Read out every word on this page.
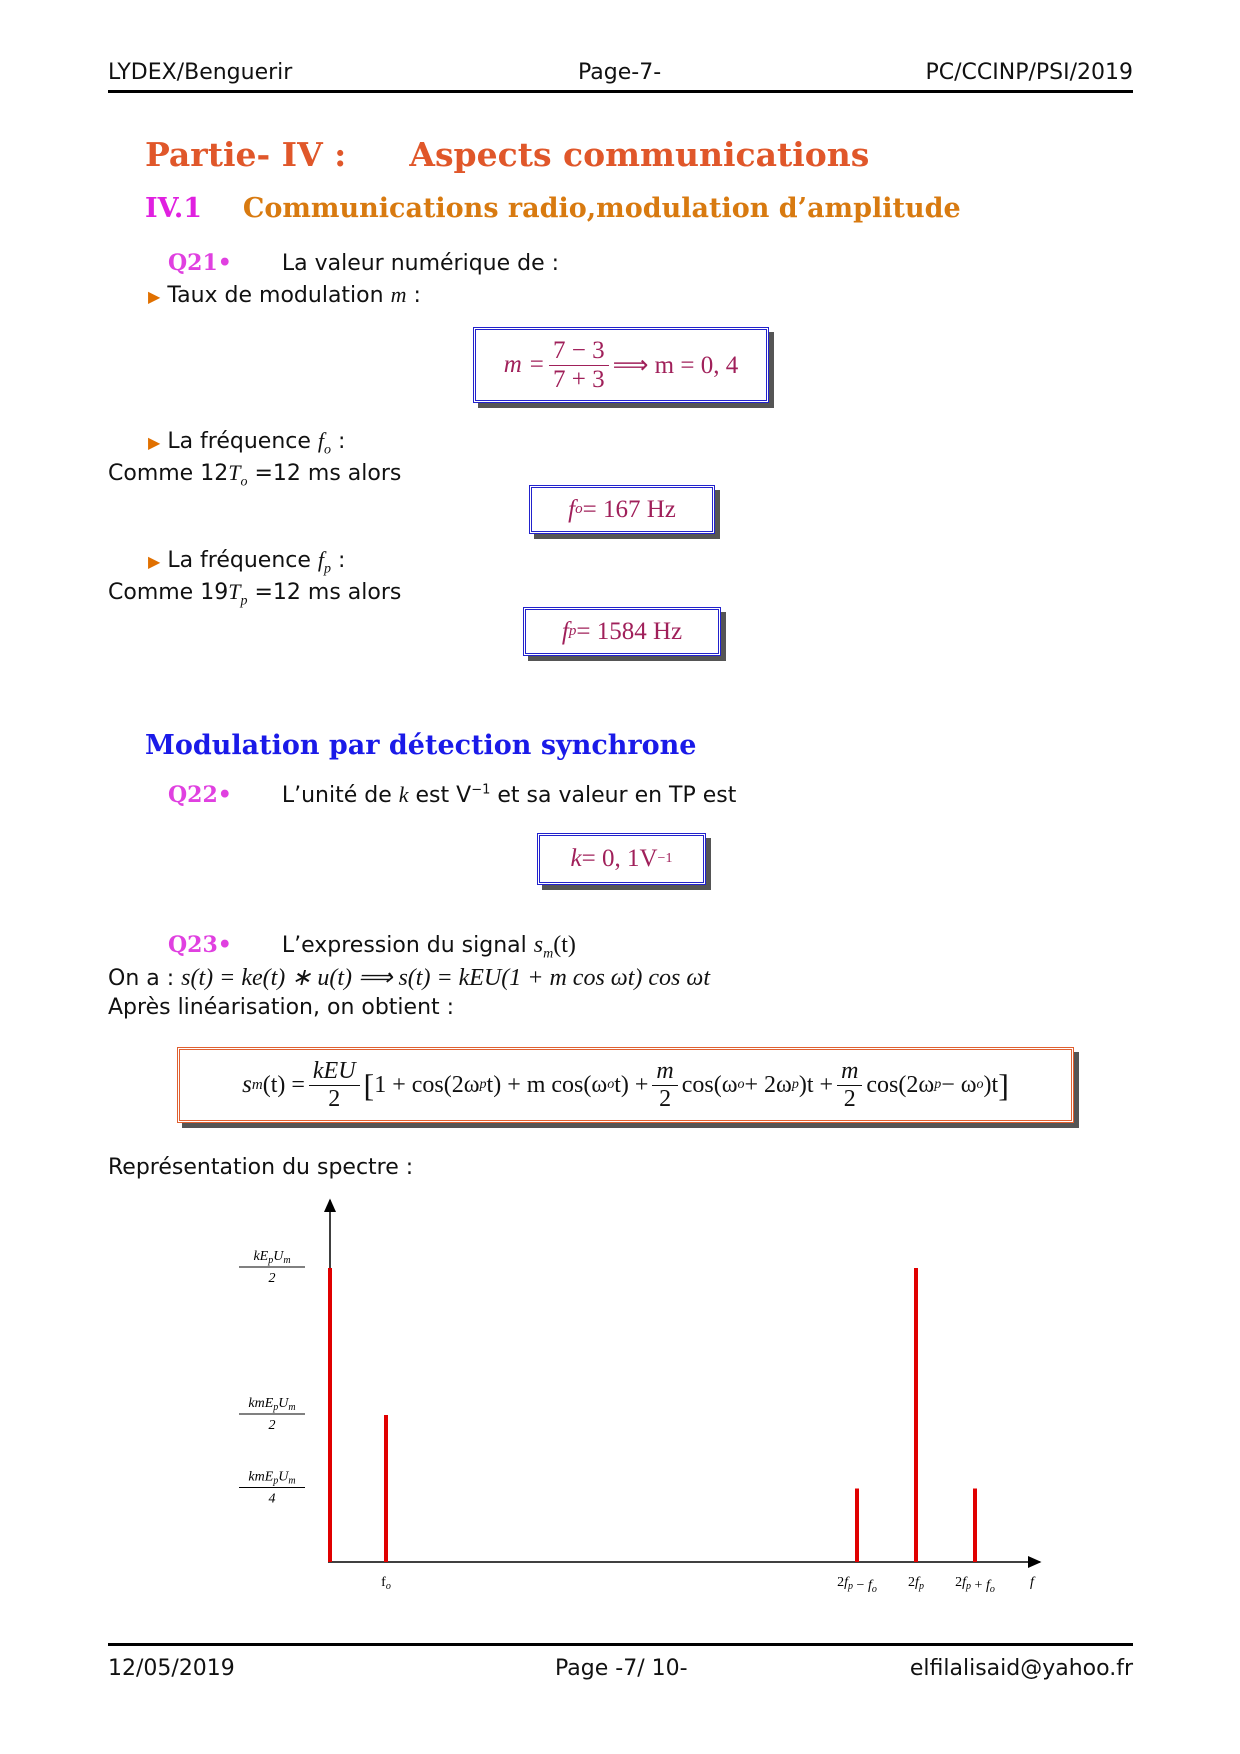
LYDEX/Benguerir	Page-7-	PC/CCINP/PSI/2019
Partie- IV : Aspects communications
IV.1 Communications radio,modulation d’amplitude
Q21• La valeur numérique de :
▶ Taux de modulation m :
$m = \frac{7 - 3}{7 + 3}$ ⟹ m = 0, 4
▶ La fréquence $f_o$ :
Comme $12T_o =12$ ms alors
f o = 167 Hz
▶ La fréquence $f_p$ :
Comme $19T_p =12$ ms alors
f p = 1584 Hz
Modulation par détection synchrone
Q22• L’unité de k est $V^{-1}$ et sa valeur en TP est
k = 0, 1V −1
Q23• L’expression du signal $s_m(t)$
On a : s(t) = ke(t) ∗ u(t) ⟹ s(t) = kEU(1 + m cos ωt) cos ωt
Après linéarisation, on obtient :
s m $(t) = \frac{\text{kEU}}{2}$ [ 1 + cos(2ω p t) + m cos(ω o $t) + \frac{m}{2} \cos(\omega$ o + 2ω p )$t + \frac{m}{2} \cos(2\omega$ p − ω o )t ]
Représentation du spectre :
$kE_pU_m$
2
$kmE_pU_m$
2
$kmE_pU_m$
4
$f_o$	$2f_p - f_o$ $2f_p$ $2f_p + f_o$	f
12/05/2019	Page -7/ 10-	elfilalisaid@yahoo.fr
